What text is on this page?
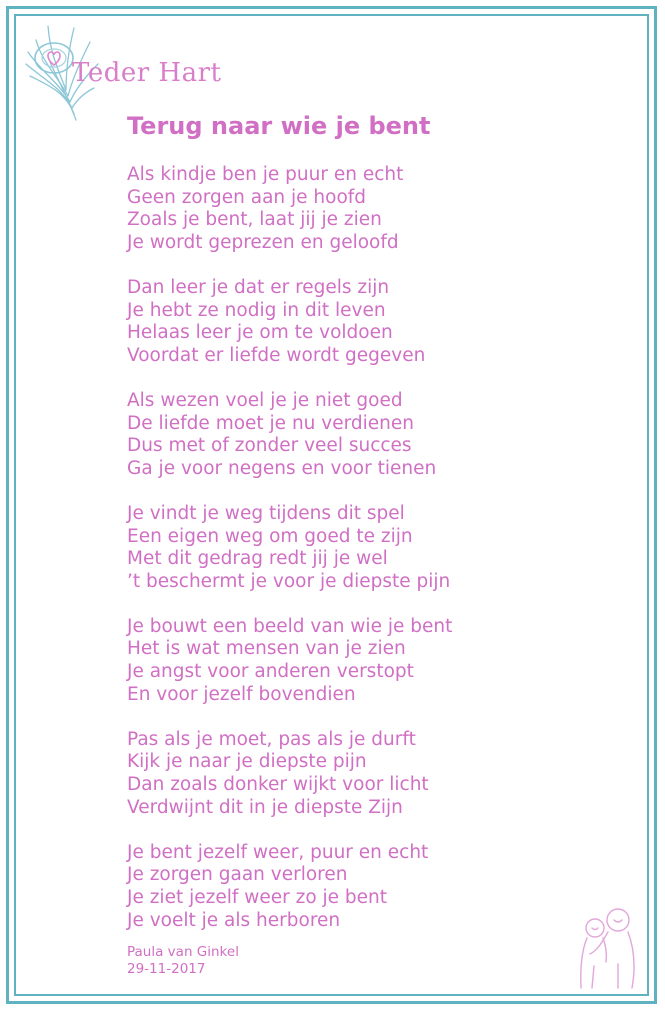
Teder Hart
Terug naar wie je bent
Als kindje ben je puur en echt
Geen zorgen aan je hoofd
Zoals je bent, laat jij je zien
Je wordt geprezen en geloofd
Dan leer je dat er regels zijn
Je hebt ze nodig in dit leven
Helaas leer je om te voldoen
Voordat er liefde wordt gegeven
Als wezen voel je je niet goed
De liefde moet je nu verdienen
Dus met of zonder veel succes
Ga je voor negens en voor tienen
Je vindt je weg tijdens dit spel
Een eigen weg om goed te zijn
Met dit gedrag redt jij je wel
’t beschermt je voor je diepste pijn
Je bouwt een beeld van wie je bent
Het is wat mensen van je zien
Je angst voor anderen verstopt
En voor jezelf bovendien
Pas als je moet, pas als je durft
Kijk je naar je diepste pijn
Dan zoals donker wijkt voor licht
Verdwijnt dit in je diepste Zijn
Je bent jezelf weer, puur en echt
Je zorgen gaan verloren
Je ziet jezelf weer zo je bent
Je voelt je als herboren
Paula van Ginkel
29-11-2017
